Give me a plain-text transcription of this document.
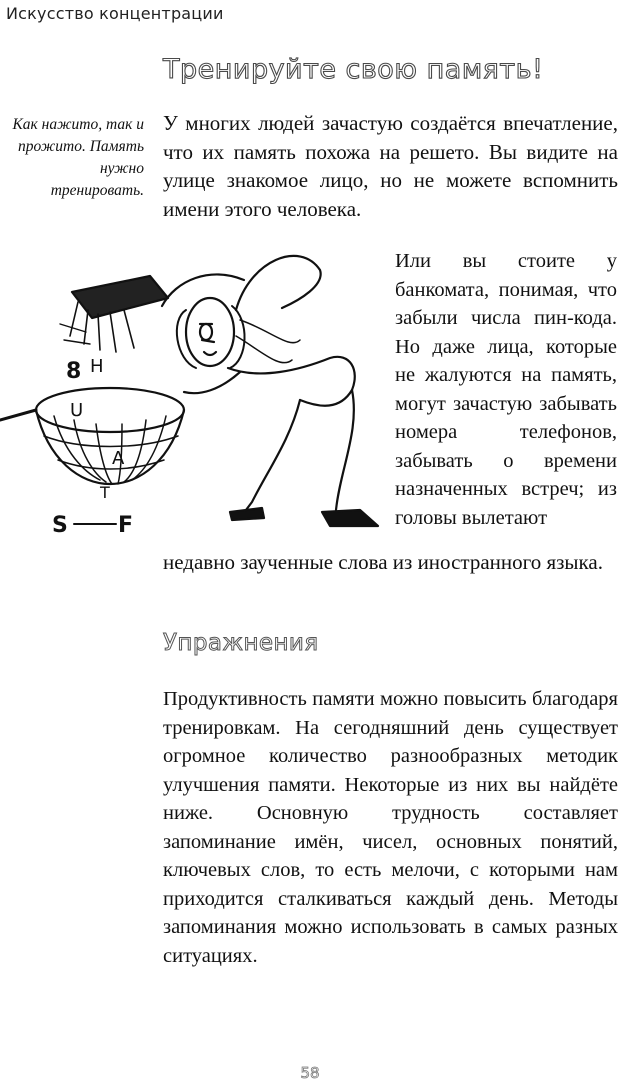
Искусство концентрации
Тренируйте свою память!
Как нажито, так и прожито. Память нужно тренировать.

У многих людей зачастую создаётся впечатление, что их память похожа на решето. Вы видите на улице знакомое лицо, но не можете вспомнить имени этого человека.

8 H
U
A
T
S F

Или вы стоите у банкомата, понимая, что забыли числа пин-кода. Но даже лица, которые не жалуются на память, могут зачастую забывать номера телефонов, забывать о времени назначенных встреч; из головы вылетают

недавно заученные слова из иностранного языка.

Упражнения

Продуктивность памяти можно повысить благодаря тренировкам. На сегодняшний день существует огромное количество разнообразных методик улучшения памяти. Некоторые из них вы найдёте ниже. Основную трудность составляет запоминание имён, чисел, основных понятий, ключевых слов, то есть мелочи, с которыми нам приходится сталкиваться каждый день. Методы запоминания можно использовать в самых разных ситуациях.

58
